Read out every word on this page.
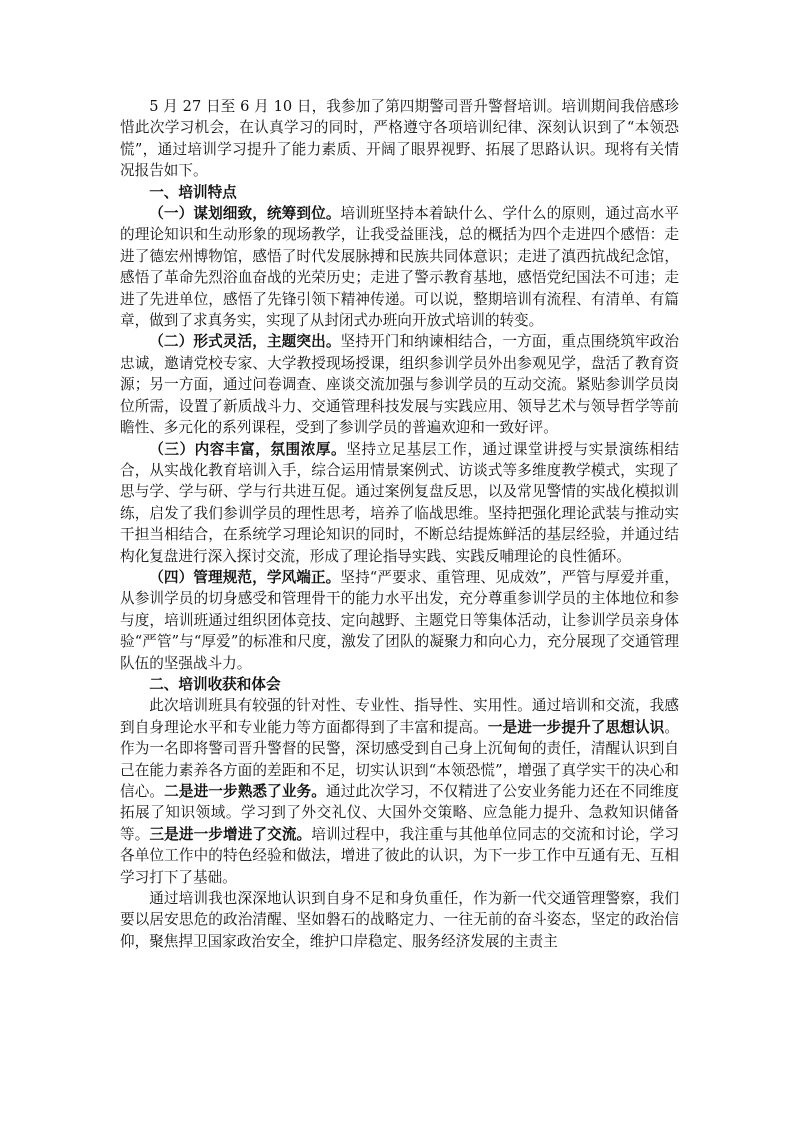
5 月 27 日至 6 月 10 日，我参加了第四期警司晋升警督培训。培训期间我倍感珍惜此次学习机会，在认真学习的同时，严格遵守各项培训纪律、深刻认识到了“本领恐慌”，通过培训学习提升了能力素质、开阔了眼界视野、拓展了思路认识。现将有关情况报告如下。

一、培训特点

（一）谋划细致，统筹到位。培训班坚持本着缺什么、学什么的原则，通过高水平的理论知识和生动形象的现场教学，让我受益匪浅，总的概括为四个走进四个感悟：走进了德宏州博物馆，感悟了时代发展脉搏和民族共同体意识；走进了滇西抗战纪念馆，感悟了革命先烈浴血奋战的光荣历史；走进了警示教育基地，感悟党纪国法不可违；走进了先进单位，感悟了先锋引领下精神传递。可以说，整期培训有流程、有清单、有篇章，做到了求真务实，实现了从封闭式办班向开放式培训的转变。

（二）形式灵活，主题突出。坚持开门和纳谏相结合，一方面，重点围绕筑牢政治忠诚，邀请党校专家、大学教授现场授课，组织参训学员外出参观见学，盘活了教育资源；另一方面，通过问卷调查、座谈交流加强与参训学员的互动交流。紧贴参训学员岗位所需，设置了新质战斗力、交通管理科技发展与实践应用、领导艺术与领导哲学等前瞻性、多元化的系列课程，受到了参训学员的普遍欢迎和一致好评。

（三）内容丰富，氛围浓厚。坚持立足基层工作，通过课堂讲授与实景演练相结合，从实战化教育培训入手，综合运用情景案例式、访谈式等多维度教学模式，实现了思与学、学与研、学与行共进互促。通过案例复盘反思，以及常见警情的实战化模拟训练，启发了我们参训学员的理性思考，培养了临战思维。坚持把强化理论武装与推动实干担当相结合，在系统学习理论知识的同时，不断总结提炼鲜活的基层经验，并通过结构化复盘进行深入探讨交流，形成了理论指导实践、实践反哺理论的良性循环。

（四）管理规范，学风端正。坚持“严要求、重管理、见成效”，严管与厚爱并重，从参训学员的切身感受和管理骨干的能力水平出发，充分尊重参训学员的主体地位和参与度，培训班通过组织团体竞技、定向越野、主题党日等集体活动，让参训学员亲身体验“严管”与“厚爱”的标准和尺度，激发了团队的凝聚力和向心力，充分展现了交通管理队伍的坚强战斗力。

二、培训收获和体会

此次培训班具有较强的针对性、专业性、指导性、实用性。通过培训和交流，我感到自身理论水平和专业能力等方面都得到了丰富和提高。一是进一步提升了思想认识。作为一名即将警司晋升警督的民警，深切感受到自己身上沉甸甸的责任，清醒认识到自己在能力素养各方面的差距和不足，切实认识到“本领恐慌”，增强了真学实干的决心和信心。二是进一步熟悉了业务。通过此次学习，不仅精进了公安业务能力还在不同维度拓展了知识领域。学习到了外交礼仪、大国外交策略、应急能力提升、急救知识储备等。三是进一步增进了交流。培训过程中，我注重与其他单位同志的交流和讨论，学习各单位工作中的特色经验和做法，增进了彼此的认识，为下一步工作中互通有无、互相学习打下了基础。

通过培训我也深深地认识到自身不足和身负重任，作为新一代交通管理警察，我们要以居安思危的政治清醒、坚如磐石的战略定力、一往无前的奋斗姿态，坚定的政治信仰，聚焦捍卫国家政治安全，维护口岸稳定、服务经济发展的主责主
